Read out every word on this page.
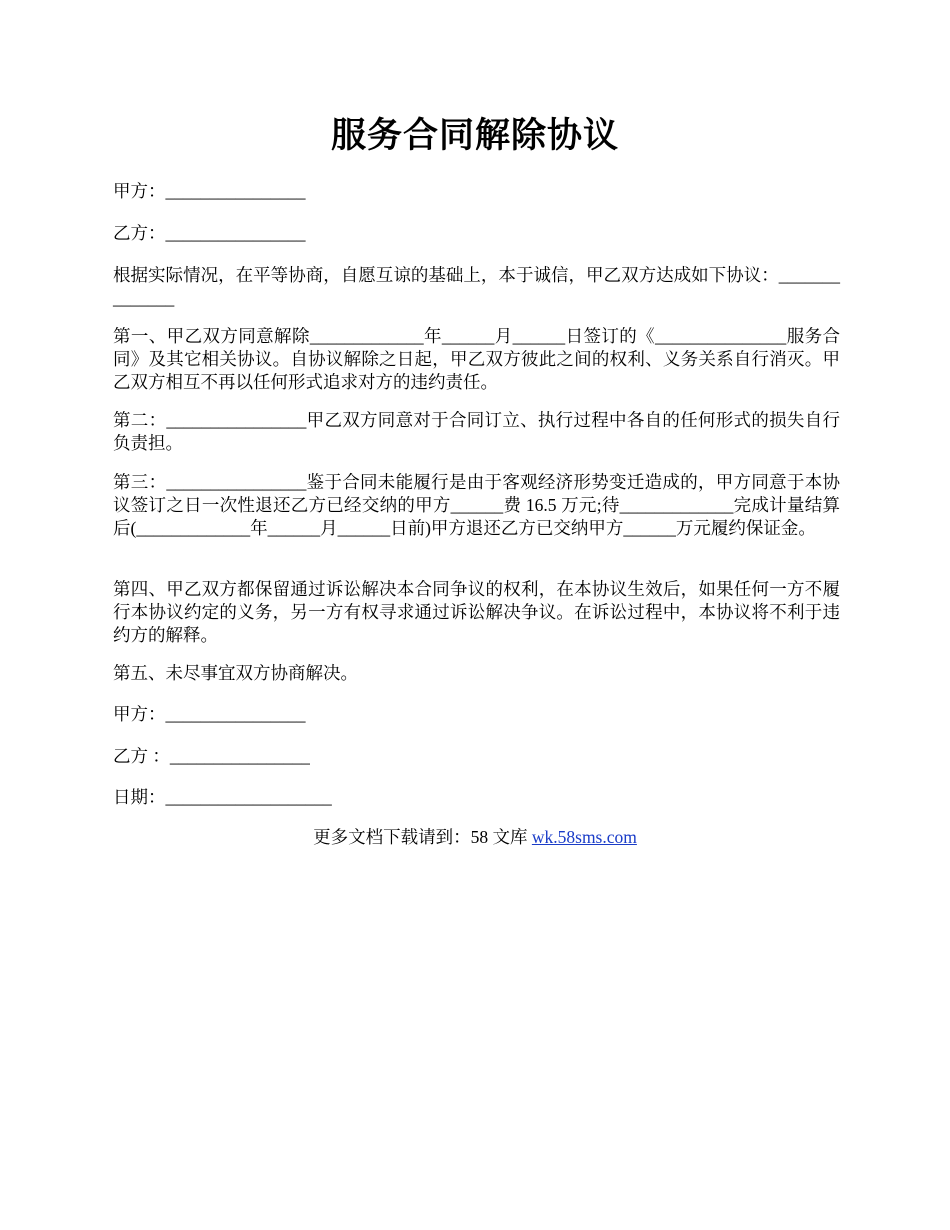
服务合同解除协议
甲方：________________
乙方：________________
根据实际情况，在平等协商，自愿互谅的基础上，本于诚信，甲乙双方达成如下协议：______________
第一、甲乙双方同意解除_____________年______月______日签订的《_______________服务合同》及其它相关协议。自协议解除之日起，甲乙双方彼此之间的权利、义务关系自行消灭。甲乙双方相互不再以任何形式追求对方的违约责任。
第二：________________甲乙双方同意对于合同订立、执行过程中各自的任何形式的损失自行负责担。
第三：________________鉴于合同未能履行是由于客观经济形势变迁造成的，甲方同意于本协议签订之日一次性退还乙方已经交纳的甲方______费 16.5 万元;待_____________完成计量结算后(_____________年______月______日前)甲方退还乙方已交纳甲方______万元履约保证金。
第四、甲乙双方都保留通过诉讼解决本合同争议的权利，在本协议生效后，如果任何一方不履行本协议约定的义务，另一方有权寻求通过诉讼解决争议。在诉讼过程中，本协议将不利于违约方的解释。
第五、未尽事宜双方协商解决。
甲方：________________
乙方 ：________________
日期：___________________
更多文档下载请到：58 文库 wk.58sms.com
